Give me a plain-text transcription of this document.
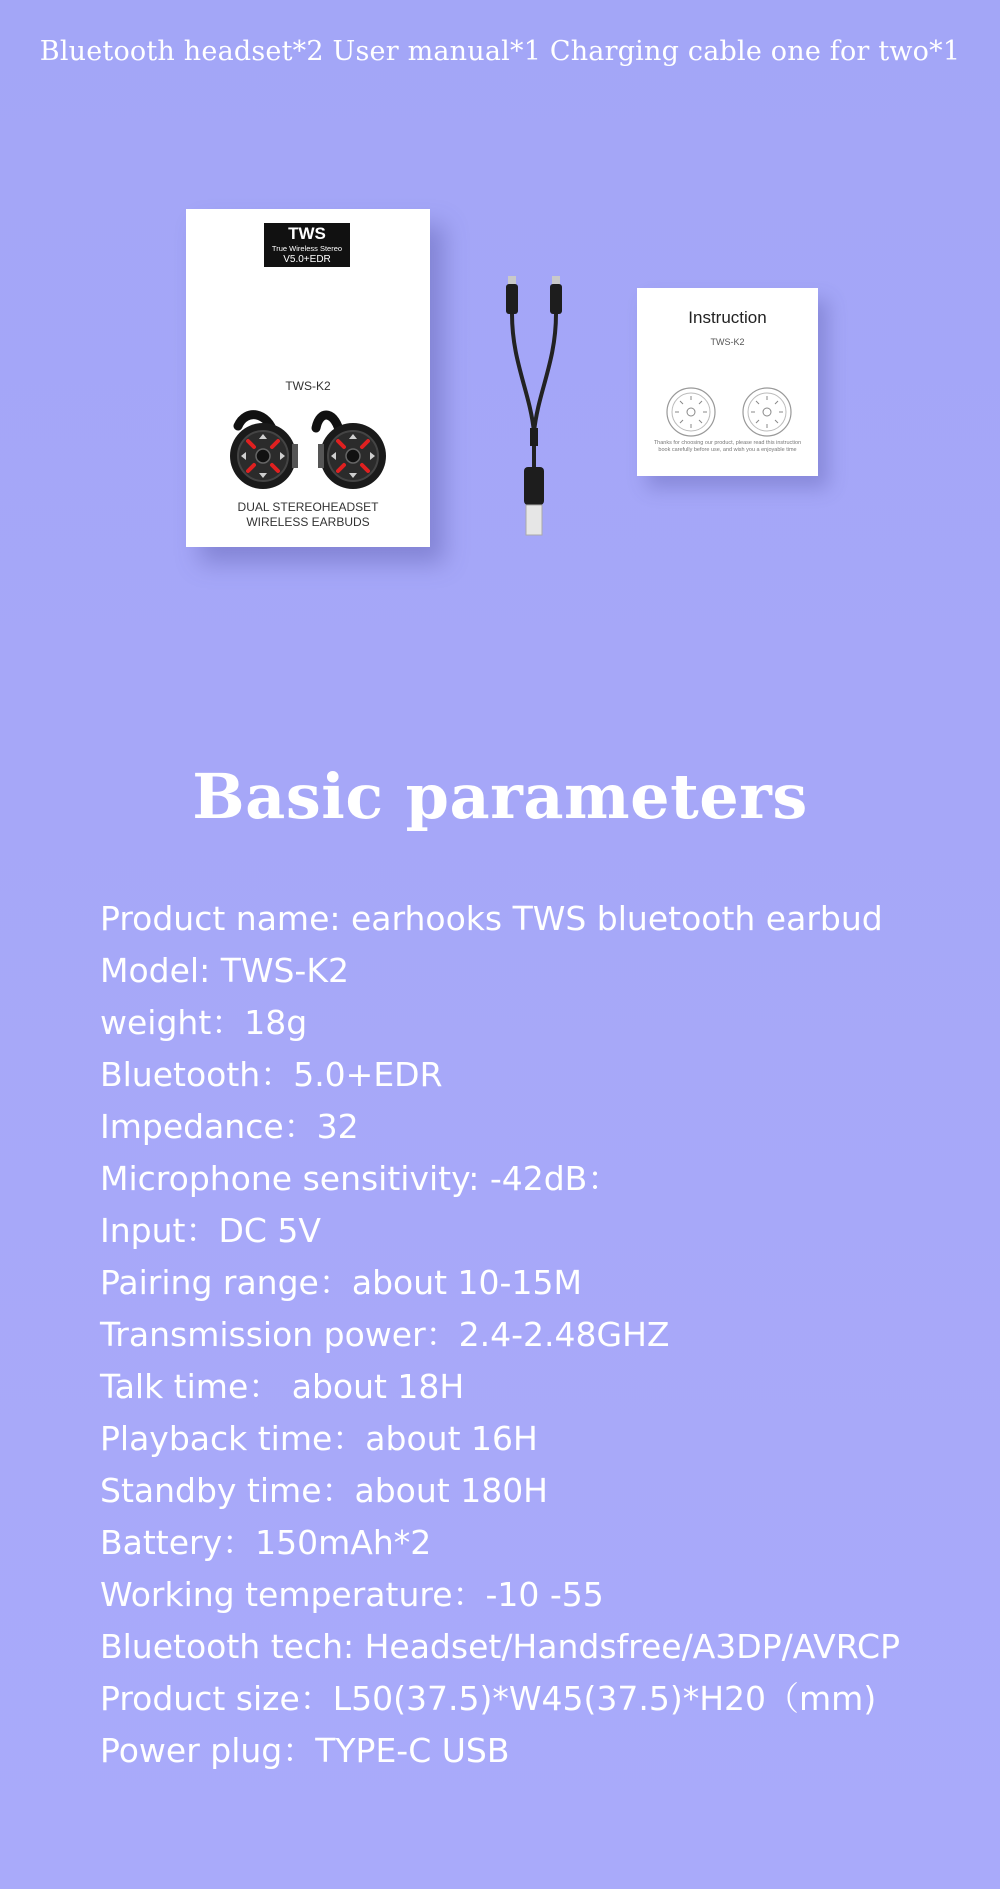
Bluetooth headset*2 User manual*1 Charging cable one for two*1
TWS
True Wireless Stereo
V5.0+EDR
TWS-K2
DUAL STEREOHEADSET
WIRELESS EARBUDS
Instruction
TWS-K2
Thanks for choosing our product, please read this instruction
book carefully before use, and wish you a enjoyable time
Basic parameters
Product name: earhooks TWS bluetooth earbud
Model: TWS-K2
weight：18g
Bluetooth：5.0+EDR
Impedance：32
Microphone sensitivity: -42dB：
Input：DC 5V
Pairing range：about 10-15M
Transmission power：2.4-2.48GHZ
Talk time： about 18H
Playback time：about 16H
Standby time：about 180H
Battery：150mAh*2
Working temperature：-10 -55
Bluetooth tech: Headset/Handsfree/A3DP/AVRCP
Product size：L50(37.5)*W45(37.5)*H20（mm)
Power plug：TYPE-C USB
